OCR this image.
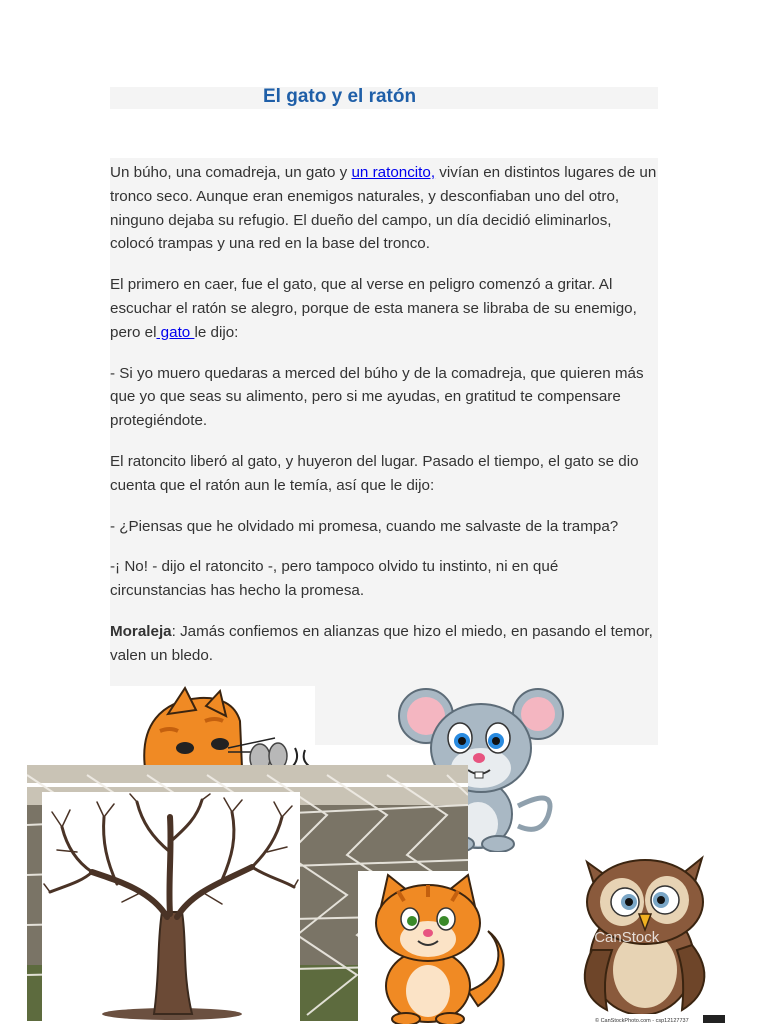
El gato y el ratón

Un búho, una comadreja, un gato y un ratoncito, vivían en distintos lugares de un tronco seco. Aunque eran enemigos naturales, y desconfiaban uno del otro, ninguno dejaba su refugio. El dueño del campo, un día decidió eliminarlos, colocó trampas y una red en la base del tronco.

El primero en caer, fue el gato, que al verse en peligro comenzó a gritar. Al escuchar el ratón se alegro, porque de esta manera se libraba de su enemigo, pero el gato le dijo:

- Si yo muero quedaras a merced del búho y de la comadreja, que quieren más que yo que seas su alimento, pero si me ayudas, en gratitud te compensare protegiéndote.

El ratoncito liberó al gato, y huyeron del lugar. Pasado el tiempo, el gato se dio cuenta que el ratón aun le temía, así que le dijo:

- ¿Piensas que he olvidado mi promesa, cuando me salvaste de la trampa?

-¡ No! - dijo el ratoncito -, pero tampoco olvido tu instinto, ni en qué circunstancias has hecho la promesa.

Moraleja: Jamás confiemos en alianzas que hizo el miedo, en pasando el temor, valen un bledo.

© CanStock
© CanStockPhoto.com - csp12127737
